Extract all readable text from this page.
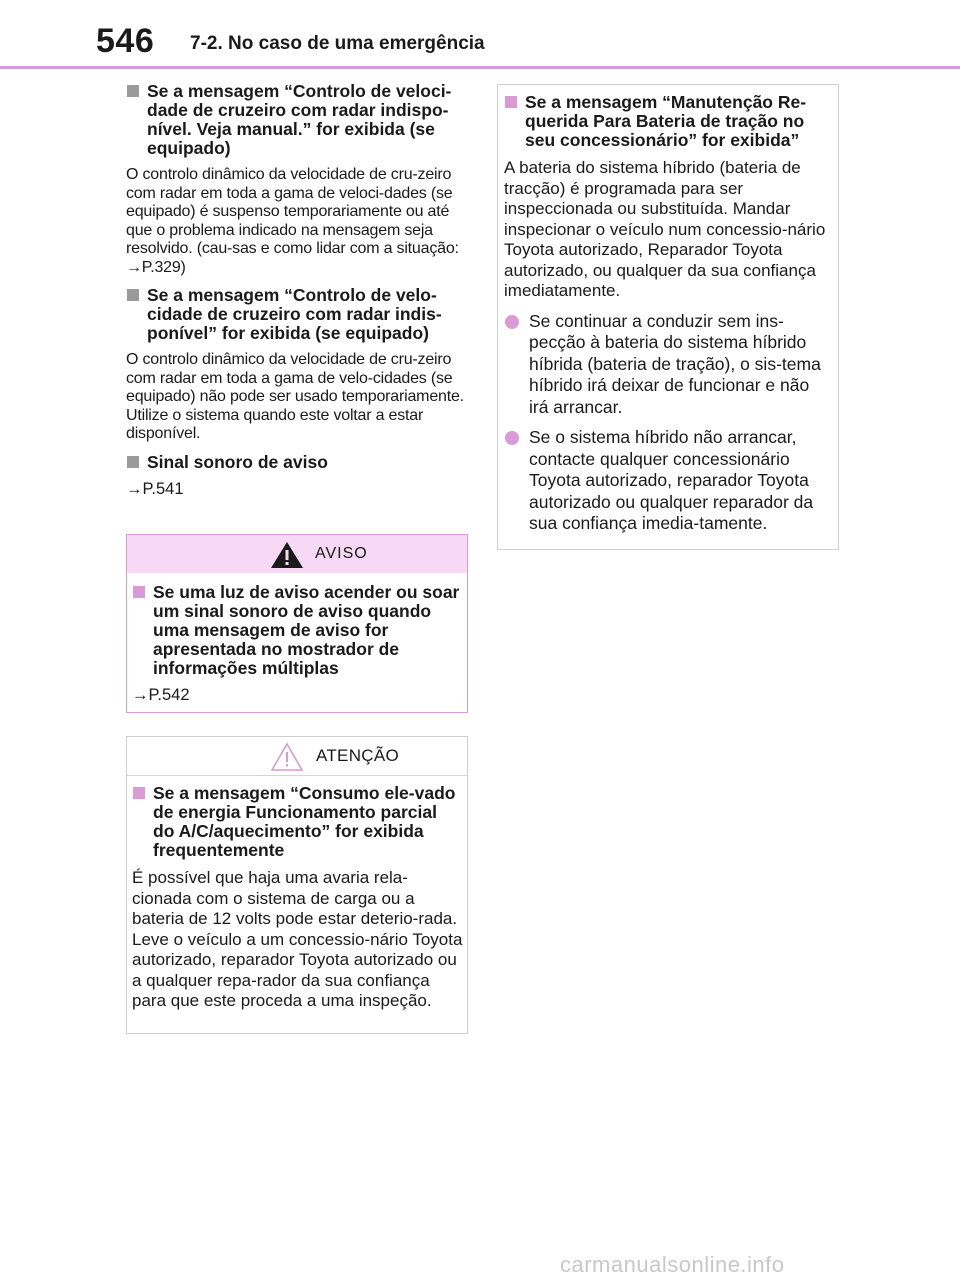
546 7-2. No caso de uma emergência
Se a mensagem “Controlo de veloci-dade de cruzeiro com radar indispo-nível. Veja manual.” for exibida (se equipado)
O controlo dinâmico da velocidade de cru-zeiro com radar em toda a gama de veloci-dades (se equipado) é suspenso temporariamente ou até que o problema indicado na mensagem seja resolvido. (cau-sas e como lidar com a situação: →P.329)
Se a mensagem “Controlo de velo-cidade de cruzeiro com radar indis-ponível” for exibida (se equipado)
O controlo dinâmico da velocidade de cru-zeiro com radar em toda a gama de velo-cidades (se equipado) não pode ser usado temporariamente. Utilize o sistema quando este voltar a estar disponível.
Sinal sonoro de aviso
→P.541
AVISO
Se uma luz de aviso acender ou soar um sinal sonoro de aviso quando uma mensagem de aviso for apresentada no mostrador de informações múltiplas
→P.542
ATENÇÃO
Se a mensagem “Consumo ele-vado de energia Funcionamento parcial do A/C/aquecimento” for exibida frequentemente
É possível que haja uma avaria rela-cionada com o sistema de carga ou a bateria de 12 volts pode estar deterio-rada. Leve o veículo a um concessio-nário Toyota autorizado, reparador Toyota autorizado ou a qualquer repa-rador da sua confiança para que este proceda a uma inspeção.
Se a mensagem “Manutenção Re-querida Para Bateria de tração no seu concessionário” for exibida”
A bateria do sistema híbrido (bateria de tracção) é programada para ser inspeccionada ou substituída. Mandar inspecionar o veículo num concessio-nário Toyota autorizado, Reparador Toyota autorizado, ou qualquer da sua confiança imediatamente.
Se continuar a conduzir sem ins-pecção à bateria do sistema híbrido híbrida (bateria de tração), o sis-tema híbrido irá deixar de funcionar e não irá arrancar.
Se o sistema híbrido não arrancar, contacte qualquer concessionário Toyota autorizado, reparador Toyota autorizado ou qualquer reparador da sua confiança imedia-tamente.
carmanualsonline.info
